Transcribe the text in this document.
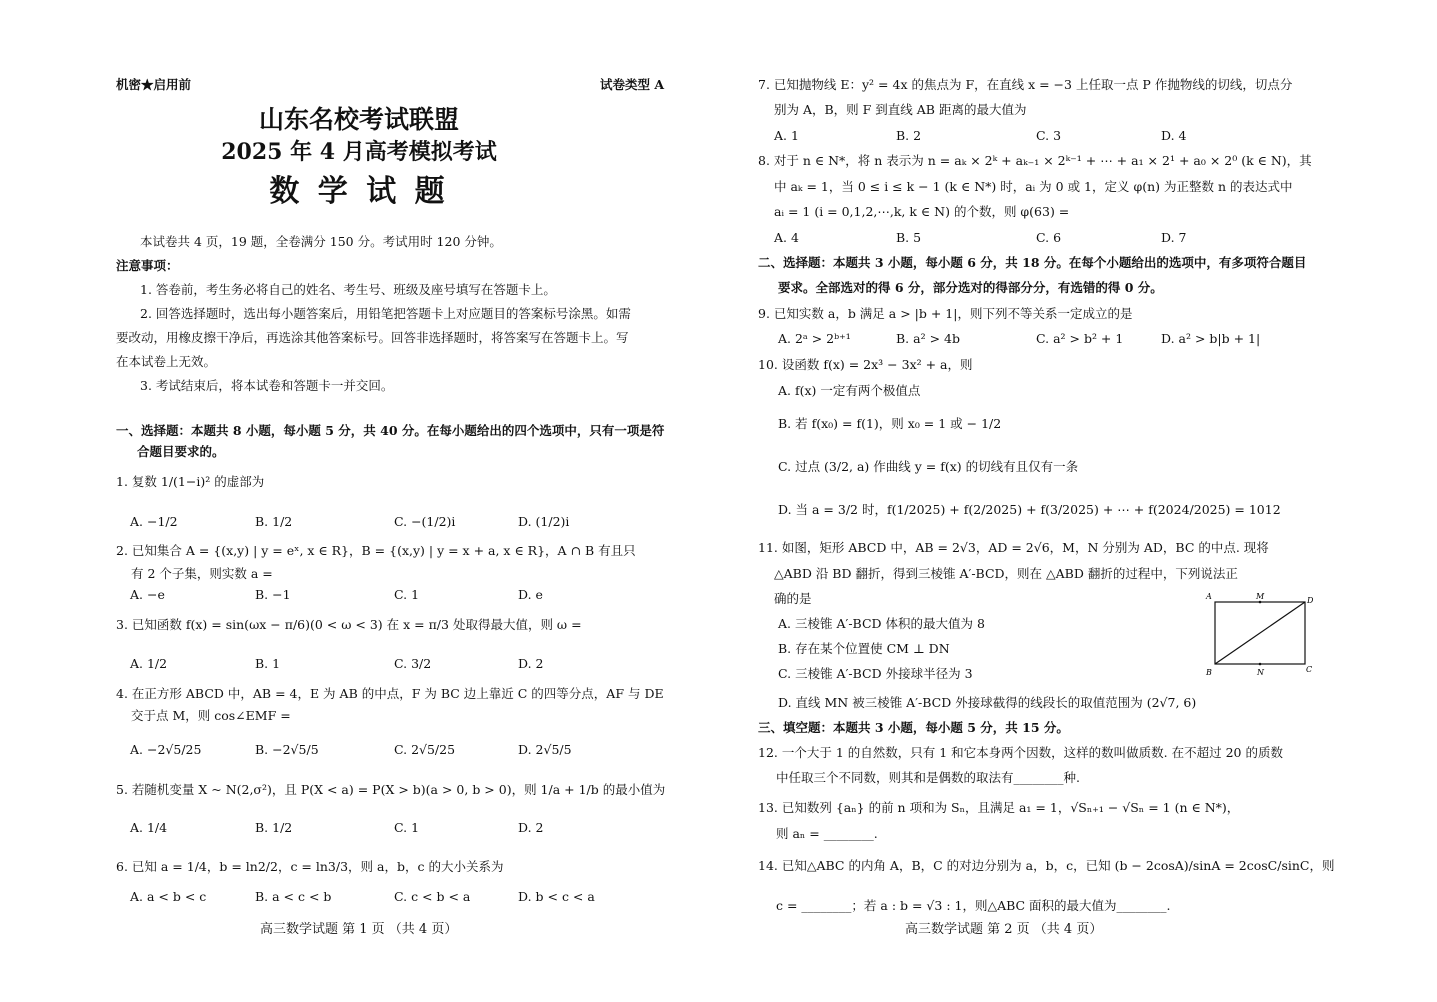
机密★启用前	试卷类型 A
山东名校考试联盟
2025 年 4 月高考模拟考试
数 学 试 题
本试卷共 4 页，19 题，全卷满分 150 分。考试用时 120 分钟。
注意事项：
1. 答卷前，考生务必将自己的姓名、考生号、班级及座号填写在答题卡上。
2. 回答选择题时，选出每小题答案后，用铅笔把答题卡上对应题目的答案标号涂黑。如需
要改动，用橡皮擦干净后，再选涂其他答案标号。回答非选择题时，将答案写在答题卡上。写
在本试卷上无效。
3. 考试结束后，将本试卷和答题卡一并交回。
一、选择题：本题共 8 小题，每小题 5 分，共 40 分。在每小题给出的四个选项中，只有一项是符
合题目要求的。
1. 复数 1/(1−i)² 的虚部为
A. −1/2	B. 1/2	C. −(1/2)i	D. (1/2)i
2. 已知集合 A = {(x,y) | y = eˣ, x ∈ R}，B = {(x,y) | y = x + a, x ∈ R}，A ∩ B 有且只
有 2 个子集，则实数 a =
A. −e	B. −1	C. 1	D. e
3. 已知函数 f(x) = sin(ωx − π/6)(0 < ω < 3) 在 x = π/3 处取得最大值，则 ω =
A. 1/2	B. 1	C. 3/2	D. 2
4. 在正方形 ABCD 中，AB = 4，E 为 AB 的中点，F 为 BC 边上靠近 C 的四等分点，AF 与 DE
交于点 M，则 cos∠EMF =
A. −2√5/25	B. −2√5/5	C. 2√5/25	D. 2√5/5
5. 若随机变量 X ~ N(2,σ²)，且 P(X < a) = P(X > b)(a > 0, b > 0)，则 1/a + 1/b 的最小值为
A. 1/4	B. 1/2	C. 1	D. 2
6. 已知 a = 1/4，b = ln2/2，c = ln3/3，则 a，b，c 的大小关系为
A. a < b < c	B. a < c < b	C. c < b < a	D. b < c < a
高三数学试题 第 1 页 （共 4 页）
7. 已知抛物线 E：y² = 4x 的焦点为 F，在直线 x = −3 上任取一点 P 作抛物线的切线，切点分
别为 A，B，则 F 到直线 AB 距离的最大值为
A. 1	B. 2	C. 3	D. 4
8. 对于 n ∈ N*，将 n 表示为 n = aₖ × 2ᵏ + aₖ₋₁ × 2ᵏ⁻¹ + ⋯ + a₁ × 2¹ + a₀ × 2⁰ (k ∈ N)，其
中 aₖ = 1，当 0 ≤ i ≤ k − 1 (k ∈ N*) 时，aᵢ 为 0 或 1，定义 φ(n) 为正整数 n 的表达式中
aᵢ = 1 (i = 0,1,2,⋯,k, k ∈ N) 的个数，则 φ(63) =
A. 4	B. 5	C. 6	D. 7
二、选择题：本题共 3 小题，每小题 6 分，共 18 分。在每个小题给出的选项中，有多项符合题目
要求。全部选对的得 6 分，部分选对的得部分分，有选错的得 0 分。
9. 已知实数 a，b 满足 a > |b + 1|，则下列不等关系一定成立的是
A. 2ᵃ > 2ᵇ⁺¹	B. a² > 4b	C. a² > b² + 1	D. a² > b|b + 1|
10. 设函数 f(x) = 2x³ − 3x² + a，则
A. f(x) 一定有两个极值点
B. 若 f(x₀) = f(1)，则 x₀ = 1 或 − 1/2
C. 过点 (3/2, a) 作曲线 y = f(x) 的切线有且仅有一条
D. 当 a = 3/2 时，f(1/2025) + f(2/2025) + f(3/2025) + ⋯ + f(2024/2025) = 1012
11. 如图，矩形 ABCD 中，AB = 2√3，AD = 2√6，M，N 分别为 AD，BC 的中点. 现将
△ABD 沿 BD 翻折，得到三棱锥 A′-BCD，则在 △ABD 翻折的过程中，下列说法正
确的是
A. 三棱锥 A′-BCD 体积的最大值为 8
B. 存在某个位置使 CM ⊥ DN
C. 三棱锥 A′-BCD 外接球半径为 3
D. 直线 MN 被三棱锥 A′-BCD 外接球截得的线段长的取值范围为 (2√7, 6)
三、填空题：本题共 3 小题，每小题 5 分，共 15 分。
12. 一个大于 1 的自然数，只有 1 和它本身两个因数，这样的数叫做质数. 在不超过 20 的质数
中任取三个不同数，则其和是偶数的取法有________种.
13. 已知数列 {aₙ} 的前 n 项和为 Sₙ，且满足 a₁ = 1，√Sₙ₊₁ − √Sₙ = 1 (n ∈ N*)，
则 aₙ = ________.
14. 已知△ABC 的内角 A，B，C 的对边分别为 a，b，c，已知 (b − 2cosA)/sinA = 2cosC/sinC，则
c = ________；若 a : b = √3 : 1，则△ABC 面积的最大值为________.
高三数学试题 第 2 页 （共 4 页）
A	M	D
B	N	C
